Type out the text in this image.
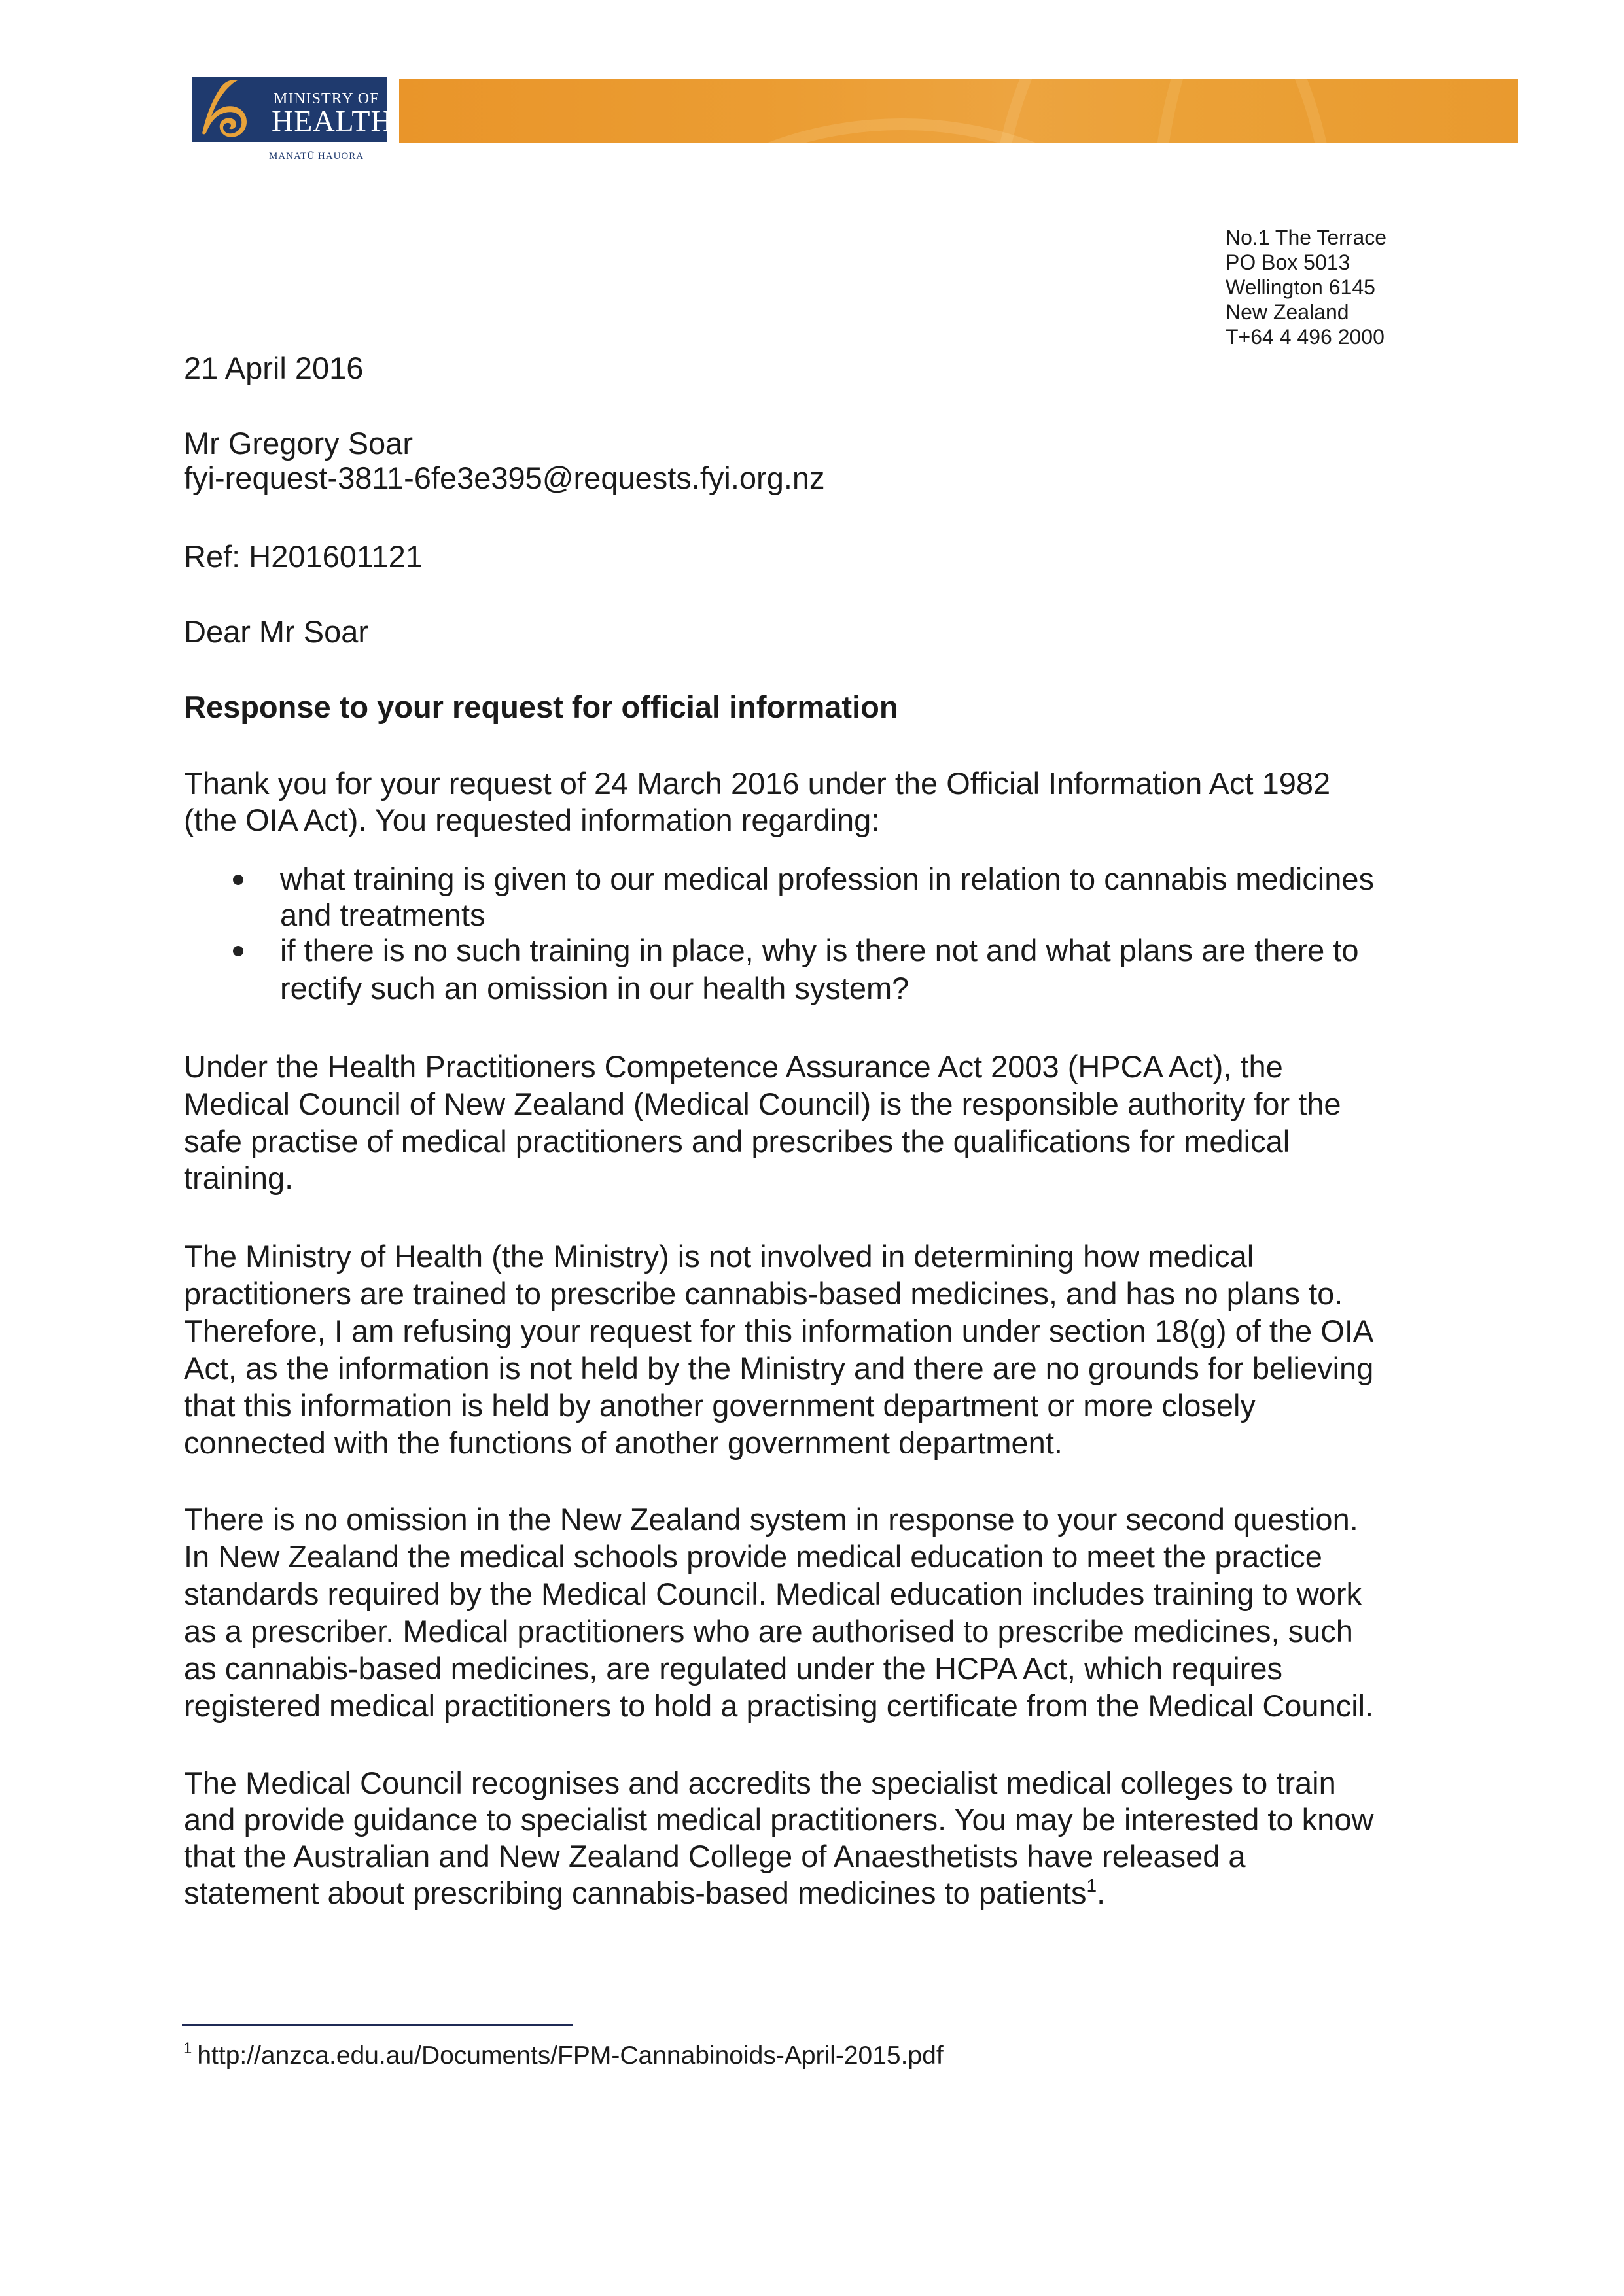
MINISTRY OF
HEALTH
MANATŪ HAUORA
No.1 The Terrace
PO Box 5013
Wellington 6145
New Zealand
T+64 4 496 2000
21 April 2016
Mr Gregory Soar
fyi-request-3811-6fe3e395@requests.fyi.org.nz
Ref: H201601121
Dear Mr Soar
Response to your request for official information
Thank you for your request of 24 March 2016 under the Official Information Act 1982
(the OIA Act). You requested information regarding:
what training is given to our medical profession in relation to cannabis medicines
and treatments
if there is no such training in place, why is there not and what plans are there to
rectify such an omission in our health system?
Under the Health Practitioners Competence Assurance Act 2003 (HPCA Act), the
Medical Council of New Zealand (Medical Council) is the responsible authority for the
safe practise of medical practitioners and prescribes the qualifications for medical
training.
The Ministry of Health (the Ministry) is not involved in determining how medical
practitioners are trained to prescribe cannabis-based medicines, and has no plans to.
Therefore, I am refusing your request for this information under section 18(g) of the OIA
Act, as the information is not held by the Ministry and there are no grounds for believing
that this information is held by another government department or more closely
connected with the functions of another government department.
There is no omission in the New Zealand system in response to your second question.
In New Zealand the medical schools provide medical education to meet the practice
standards required by the Medical Council. Medical education includes training to work
as a prescriber. Medical practitioners who are authorised to prescribe medicines, such
as cannabis-based medicines, are regulated under the HCPA Act, which requires
registered medical practitioners to hold a practising certificate from the Medical Council.
The Medical Council recognises and accredits the specialist medical colleges to train
and provide guidance to specialist medical practitioners. You may be interested to know
that the Australian and New Zealand College of Anaesthetists have released a
statement about prescribing cannabis-based medicines to patients$^1$.
$^1$ http://anzca.edu.au/Documents/FPM-Cannabinoids-April-2015.pdf
